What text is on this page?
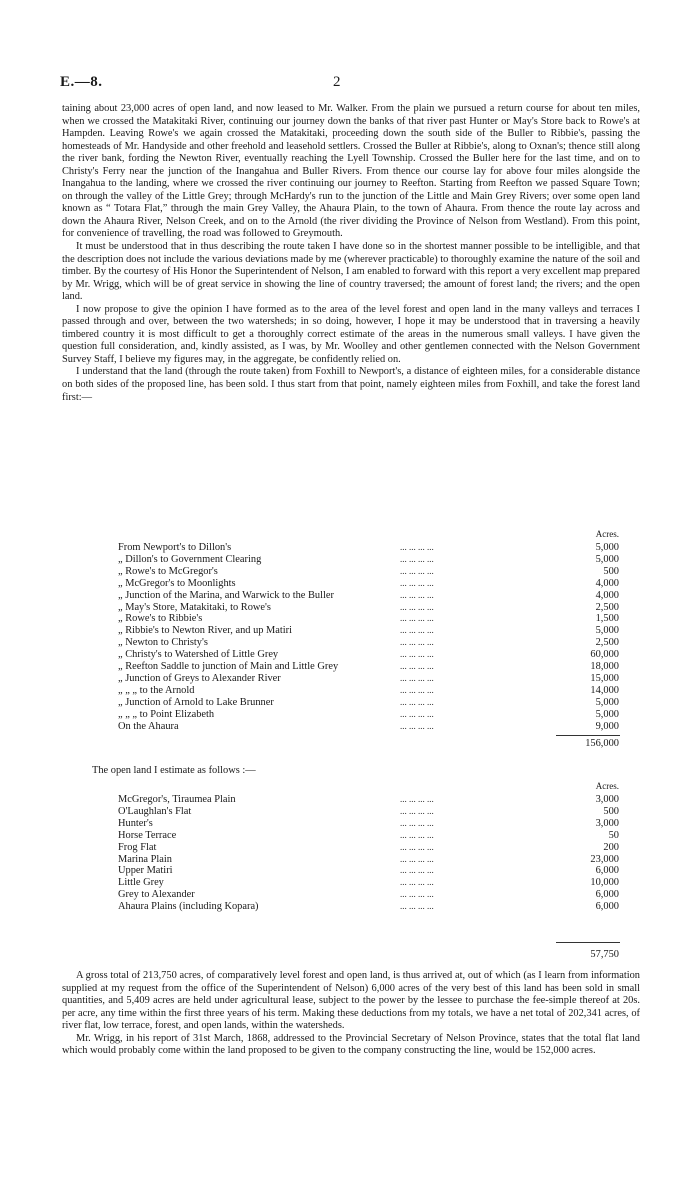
E.—8.	2

taining about 23,000 acres of open land, and now leased to Mr. Walker. From the plain we pursued a return course for about ten miles, when we crossed the Matakitaki River, continuing our journey down the banks of that river past Hunter or May's Store back to Rowe's at Hampden. Leaving Rowe's we again crossed the Matakitaki, proceeding down the south side of the Buller to Ribbie's, passing the homesteads of Mr. Handyside and other freehold and leasehold settlers. Crossed the Buller at Ribbie's, along to Oxnan's; thence still along the river bank, fording the Newton River, eventually reaching the Lyell Township. Crossed the Buller here for the last time, and on to Christy's Ferry near the junction of the Inangahua and Buller Rivers. From thence our course lay for above four miles alongside the Inangahua to the landing, where we crossed the river continuing our journey to Reefton. Starting from Reefton we passed Square Town; on through the valley of the Little Grey; through McHardy's run to the junction of the Little and Main Grey Rivers; over some open land known as “ Totara Flat,” through the main Grey Valley, the Ahaura Plain, to the town of Ahaura. From thence the route lay across and down the Ahaura River, Nelson Creek, and on to the Arnold (the river dividing the Province of Nelson from Westland). From this point, for convenience of travelling, the road was followed to Greymouth.

It must be understood that in thus describing the route taken I have done so in the shortest manner possible to be intelligible, and that the description does not include the various deviations made by me (wherever practicable) to thoroughly examine the nature of the soil and timber. By the courtesy of His Honor the Superintendent of Nelson, I am enabled to forward with this report a very excellent map prepared by Mr. Wrigg, which will be of great service in showing the line of country traversed; the amount of forest land; the rivers; and the open land.

I now propose to give the opinion I have formed as to the area of the level forest and open land in the many valleys and terraces I passed through and over, between the two watersheds; in so doing, however, I hope it may be understood that in traversing a heavily timbered country it is most difficult to get a thoroughly correct estimate of the areas in the numerous small valleys. I have given the question full consideration, and, kindly assisted, as I was, by Mr. Woolley and other gentlemen connected with the Nelson Government Survey Staff, I believe my figures may, in the aggregate, be confidently relied on.

I understand that the land (through the route taken) from Foxhill to Newport's, a distance of eighteen miles, for a considerable distance on both sides of the proposed line, has been sold. I thus start from that point, namely eighteen miles from Foxhill, and take the forest land first:—

Acres.
From Newport's to Dillon's	... ... ... ...	5,000
„ Dillon's to Government Clearing	... ... ... ...	5,000
„ Rowe's to McGregor's	... ... ... ...	500
„ McGregor's to Moonlights	... ... ... ...	4,000
„ Junction of the Marina, and Warwick to the Buller	... ... ... ...	4,000
„ May's Store, Matakitaki, to Rowe's	... ... ... ...	2,500
„ Rowe's to Ribbie's	... ... ... ...	1,500
„ Ribbie's to Newton River, and up Matiri	... ... ... ...	5,000
„ Newton to Christy's	... ... ... ...	2,500
„ Christy's to Watershed of Little Grey	... ... ... ...	60,000
„ Reefton Saddle to junction of Main and Little Grey	... ... ... ...	18,000
„ Junction of Greys to Alexander River	... ... ... ...	15,000
„ „ „ to the Arnold	... ... ... ...	14,000
„ Junction of Arnold to Lake Brunner	... ... ... ...	5,000
„ „ „ to Point Elizabeth	... ... ... ...	5,000
On the Ahaura	... ... ... ...	9,000
156,000
The open land I estimate as follows :—
Acres.
McGregor's, Tiraumea Plain	... ... ... ...	3,000
O'Laughlan's Flat	... ... ... ...	500
Hunter's	... ... ... ...	3,000
Horse Terrace	... ... ... ...	50
Frog Flat	... ... ... ...	200
Marina Plain	... ... ... ...	23,000
Upper Matiri	... ... ... ...	6,000
Little Grey	... ... ... ...	10,000
Grey to Alexander	... ... ... ...	6,000
Ahaura Plains (including Kopara)	... ... ... ...	6,000
57,750

A gross total of 213,750 acres, of comparatively level forest and open land, is thus arrived at, out of which (as I learn from information supplied at my request from the office of the Superintendent of Nelson) 6,000 acres of the very best of this land has been sold in small quantities, and 5,409 acres are held under agricultural lease, subject to the power by the lessee to purchase the fee-simple thereof at 20s. per acre, any time within the first three years of his term. Making these deductions from my totals, we have a net total of 202,341 acres, of river flat, low terrace, forest, and open lands, within the watersheds.

Mr. Wrigg, in his report of 31st March, 1868, addressed to the Provincial Secretary of Nelson Province, states that the total flat land which would probably come within the land proposed to be given to the company constructing the line, would be 152,000 acres.
